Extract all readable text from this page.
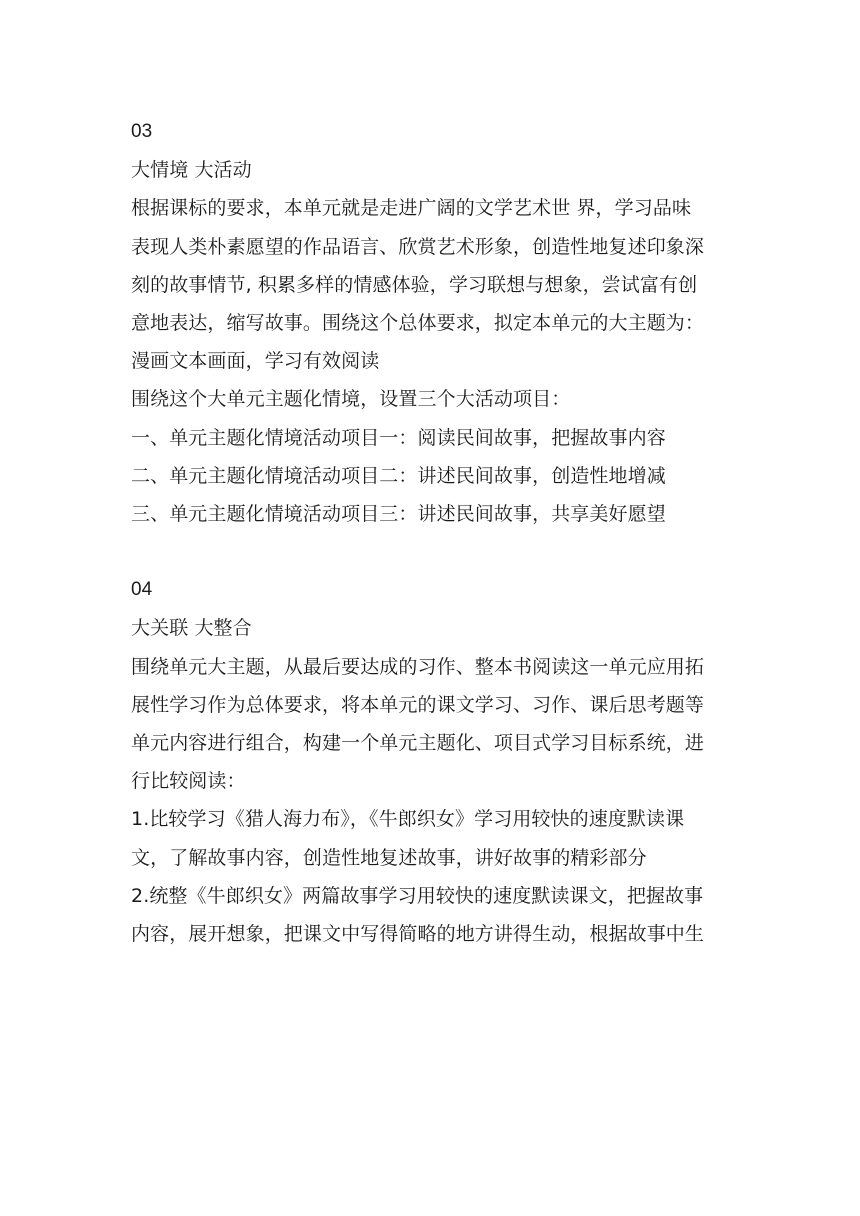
03
大情境 大活动
根据课标的要求，本单元就是走进广阔的文学艺术世 界，学习品味
表现人类朴素愿望的作品语言、欣赏艺术形象，创造性地复述印象深
刻的故事情节, 积累多样的情感体验，学习联想与想象，尝试富有创
意地表达，缩写故事。围绕这个总体要求，拟定本单元的大主题为：
漫画文本画面，学习有效阅读
围绕这个大单元主题化情境，设置三个大活动项目：
一、单元主题化情境活动项目一：阅读民间故事，把握故事内容
二、单元主题化情境活动项目二：讲述民间故事，创造性地增减
三、单元主题化情境活动项目三：讲述民间故事，共享美好愿望
04
大关联 大整合
围绕单元大主题，从最后要达成的习作、整本书阅读这一单元应用拓
展性学习作为总体要求，将本单元的课文学习、习作、课后思考题等
单元内容进行组合，构建一个单元主题化、项目式学习目标系统，进
行比较阅读：
1.比较学习《猎人海力布》，《牛郎织女》学习用较快的速度默读课
文，了解故事内容，创造性地复述故事，讲好故事的精彩部分
2.统整《牛郎织女》两篇故事学习用较快的速度默读课文，把握故事
内容，展开想象，把课文中写得简略的地方讲得生动，根据故事中生
